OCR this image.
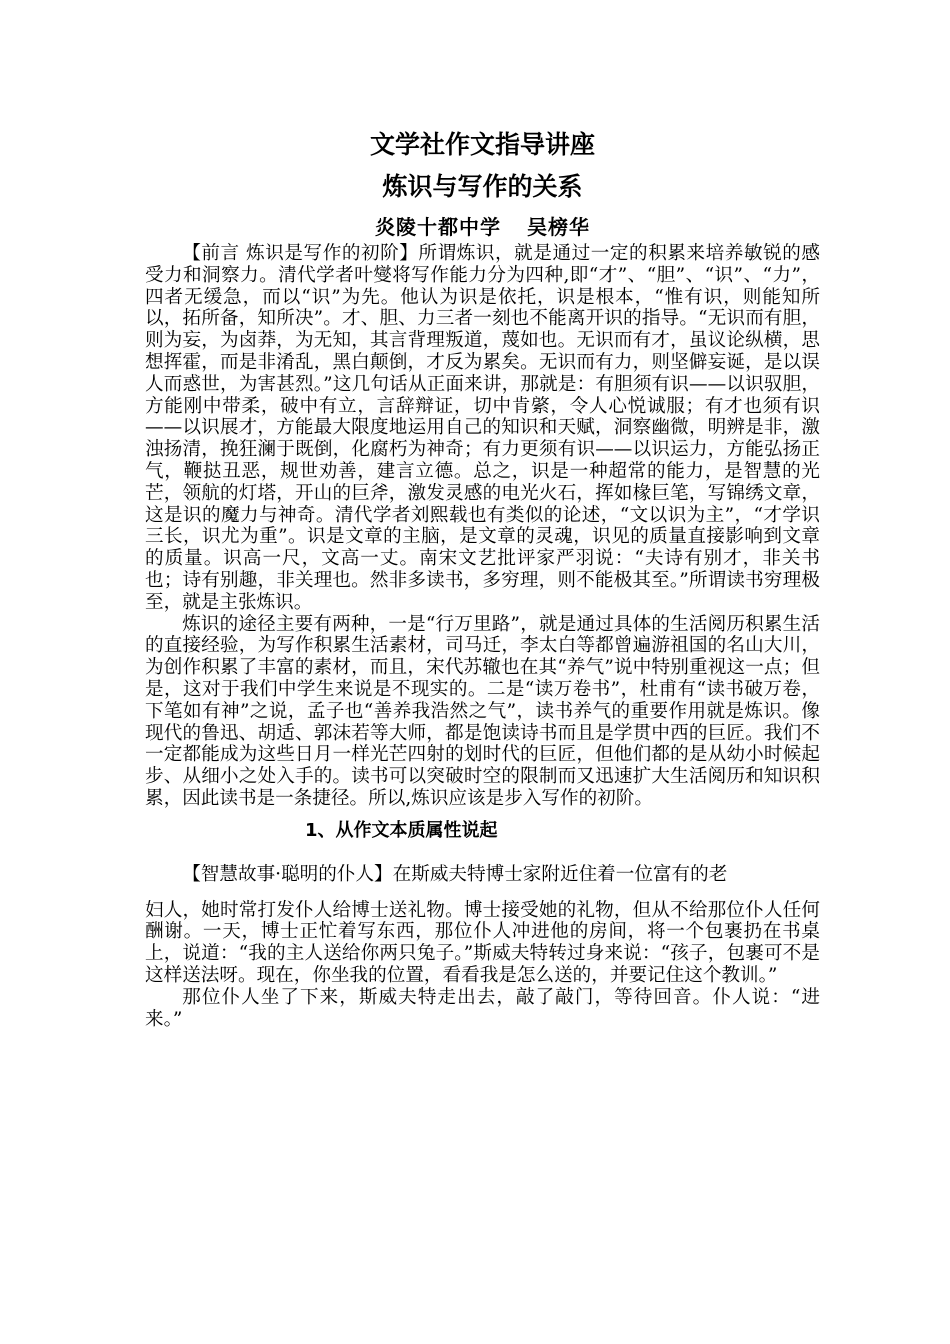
文学社作文指导讲座
炼识与写作的关系
炎陵十都中学 吴榜华

【前言 炼识是写作的初阶】所谓炼识，就是通过一定的积累来培养敏锐的感受力和洞察力。清代学者叶燮将写作能力分为四种,即“才”、“胆”、“识”、“力”，四者无缓急，而以“识”为先。他认为识是依托，识是根本，“惟有识，则能知所以，拓所备，知所决”。才、胆、力三者一刻也不能离开识的指导。“无识而有胆，则为妄，为卤莽，为无知，其言背理叛道，蔑如也。无识而有才，虽议论纵横，思想挥霍，而是非淆乱，黑白颠倒，才反为累矣。无识而有力，则坚僻妄诞，是以误人而惑世，为害甚烈。”这几句话从正面来讲，那就是：有胆须有识——以识驭胆，方能刚中带柔，破中有立，言辞辩证，切中肯綮，令人心悦诚服；有才也须有识——以识展才，方能最大限度地运用自己的知识和天赋，洞察幽微，明辨是非，激浊扬清，挽狂澜于既倒，化腐朽为神奇；有力更须有识——以识运力，方能弘扬正气，鞭挞丑恶，规世劝善，建言立德。总之，识是一种超常的能力，是智慧的光芒，领航的灯塔，开山的巨斧，激发灵感的电光火石，挥如椽巨笔，写锦绣文章，这是识的魔力与神奇。清代学者刘熙载也有类似的论述，“文以识为主”，“才学识三长，识尤为重”。识是文章的主脑，是文章的灵魂，识见的质量直接影响到文章的质量。识高一尺，文高一丈。南宋文艺批评家严羽说：“夫诗有别才，非关书也；诗有别趣，非关理也。然非多读书，多穷理，则不能极其至。”所谓读书穷理极至，就是主张炼识。

炼识的途径主要有两种，一是“行万里路”，就是通过具体的生活阅历积累生活的直接经验，为写作积累生活素材，司马迁，李太白等都曾遍游祖国的名山大川，为创作积累了丰富的素材，而且，宋代苏辙也在其“养气”说中特别重视这一点；但是，这对于我们中学生来说是不现实的。二是“读万卷书”，杜甫有“读书破万卷，下笔如有神”之说，孟子也“善养我浩然之气”，读书养气的重要作用就是炼识。像现代的鲁迅、胡适、郭沫若等大师，都是饱读诗书而且是学贯中西的巨匠。我们不一定都能成为这些日月一样光芒四射的划时代的巨匠，但他们都的是从幼小时候起步、从细小之处入手的。读书可以突破时空的限制而又迅速扩大生活阅历和知识积累，因此读书是一条捷径。所以,炼识应该是步入写作的初阶。

1、从作文本质属性说起

【智慧故事·聪明的仆人】在斯威夫特博士家附近住着一位富有的老

妇人，她时常打发仆人给博士送礼物。博士接受她的礼物，但从不给那位仆人任何酬谢。一天，博士正忙着写东西，那位仆人冲进他的房间，将一个包裹扔在书桌上，说道：“我的主人送给你两只兔子。”斯威夫特转过身来说：“孩子，包裹可不是这样送法呀。现在，你坐我的位置，看看我是怎么送的，并要记住这个教训。”

那位仆人坐了下来，斯威夫特走出去，敲了敲门，等待回音。仆人说：“进来。”
